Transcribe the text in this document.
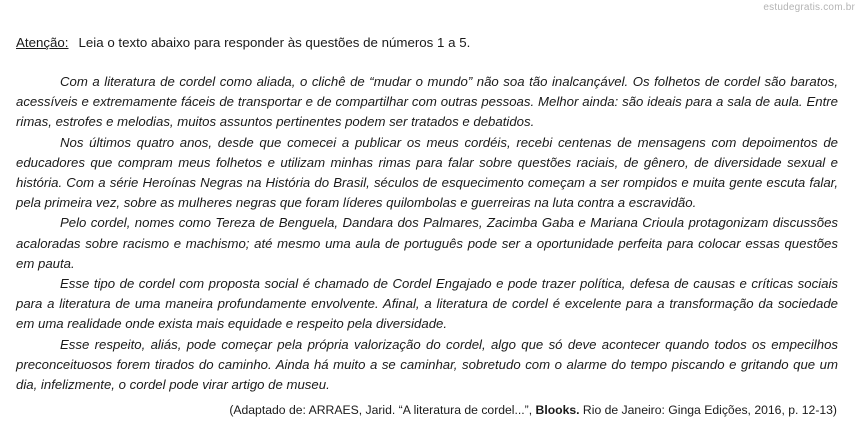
estudegratis.com.br
Atenção: Leia o texto abaixo para responder às questões de números 1 a 5.

Com a literatura de cordel como aliada, o clichê de “mudar o mundo” não soa tão inalcançável. Os folhetos de cordel são baratos, acessíveis e extremamente fáceis de transportar e de compartilhar com outras pessoas. Melhor ainda: são ideais para a sala de aula. Entre rimas, estrofes e melodias, muitos assuntos pertinentes podem ser tratados e debatidos.

Nos últimos quatro anos, desde que comecei a publicar os meus cordéis, recebi centenas de mensagens com depoimentos de educadores que compram meus folhetos e utilizam minhas rimas para falar sobre questões raciais, de gênero, de diversidade sexual e história. Com a série Heroínas Negras na História do Brasil, séculos de esquecimento começam a ser rompidos e muita gente escuta falar, pela primeira vez, sobre as mulheres negras que foram líderes quilombolas e guerreiras na luta contra a escravidão.

Pelo cordel, nomes como Tereza de Benguela, Dandara dos Palmares, Zacimba Gaba e Mariana Crioula protagonizam discussões acaloradas sobre racismo e machismo; até mesmo uma aula de português pode ser a oportunidade perfeita para colocar essas questões em pauta.

Esse tipo de cordel com proposta social é chamado de Cordel Engajado e pode trazer política, defesa de causas e críticas sociais para a literatura de uma maneira profundamente envolvente. Afinal, a literatura de cordel é excelente para a transformação da sociedade em uma realidade onde exista mais equidade e respeito pela diversidade.

Esse respeito, aliás, pode começar pela própria valorização do cordel, algo que só deve acontecer quando todos os empecilhos preconceituosos forem tirados do caminho. Ainda há muito a se caminhar, sobretudo com o alarme do tempo piscando e gritando que um dia, infelizmente, o cordel pode virar artigo de museu.

(Adaptado de: ARRAES, Jarid. “A literatura de cordel...”, Blooks. Rio de Janeiro: Ginga Edições, 2016, p. 12-13)
